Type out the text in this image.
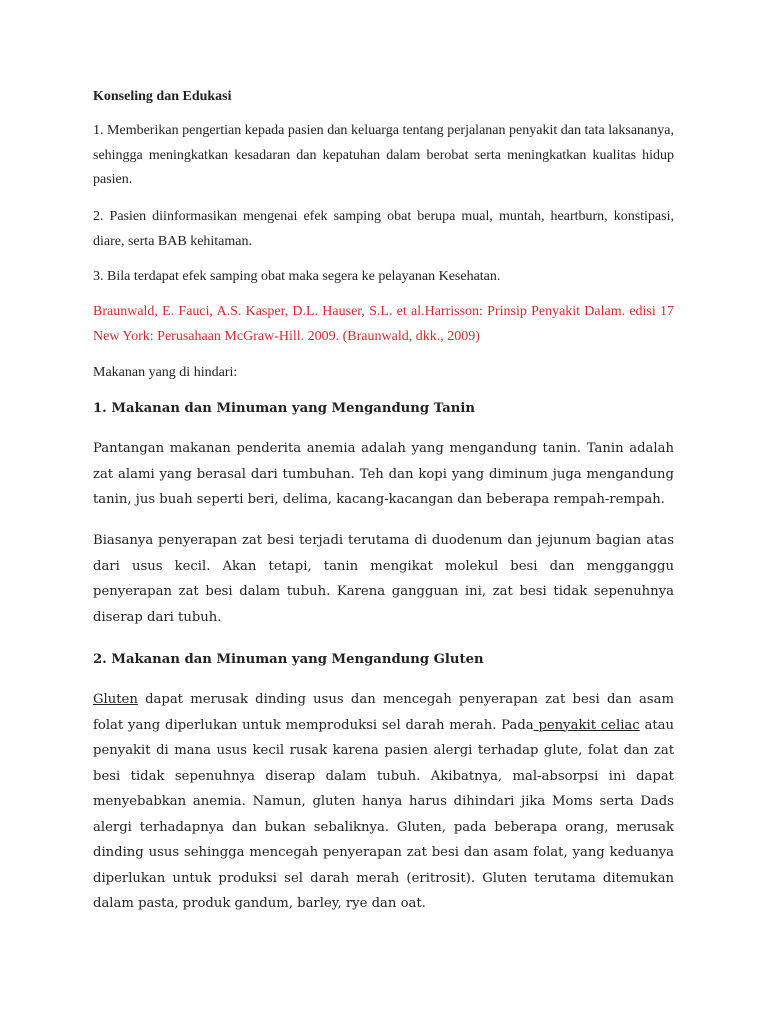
Konseling dan Edukasi

1. Memberikan pengertian kepada pasien dan keluarga tentang perjalanan penyakit dan tata laksananya, sehingga meningkatkan kesadaran dan kepatuhan dalam berobat serta meningkatkan kualitas hidup pasien.

2. Pasien diinformasikan mengenai efek samping obat berupa mual, muntah, heartburn, konstipasi, diare, serta BAB kehitaman.

3. Bila terdapat efek samping obat maka segera ke pelayanan Kesehatan.

Braunwald, E. Fauci, A.S. Kasper, D.L. Hauser, S.L. et al.Harrisson: Prinsip Penyakit Dalam. edisi 17 New York: Perusahaan McGraw-Hill. 2009. (Braunwald, dkk., 2009)

Makanan yang di hindari:

1. Makanan dan Minuman yang Mengandung Tanin

Pantangan makanan penderita anemia adalah yang mengandung tanin. Tanin adalah zat alami yang berasal dari tumbuhan. Teh dan kopi yang diminum juga mengandung tanin, jus buah seperti beri, delima, kacang-kacangan dan beberapa rempah-rempah.

Biasanya penyerapan zat besi terjadi terutama di duodenum dan jejunum bagian atas dari usus kecil. Akan tetapi, tanin mengikat molekul besi dan mengganggu penyerapan zat besi dalam tubuh. Karena gangguan ini, zat besi tidak sepenuhnya diserap dari tubuh.

2. Makanan dan Minuman yang Mengandung Gluten

Gluten dapat merusak dinding usus dan mencegah penyerapan zat besi dan asam folat yang diperlukan untuk memproduksi sel darah merah. Pada penyakit celiac atau penyakit di mana usus kecil rusak karena pasien alergi terhadap glute, folat dan zat besi tidak sepenuhnya diserap dalam tubuh. Akibatnya, mal-absorpsi ini dapat menyebabkan anemia. Namun, gluten hanya harus dihindari jika Moms serta Dads alergi terhadapnya dan bukan sebaliknya. Gluten, pada beberapa orang, merusak dinding usus sehingga mencegah penyerapan zat besi dan asam folat, yang keduanya diperlukan untuk produksi sel darah merah (eritrosit). Gluten terutama ditemukan dalam pasta, produk gandum, barley, rye dan oat.
